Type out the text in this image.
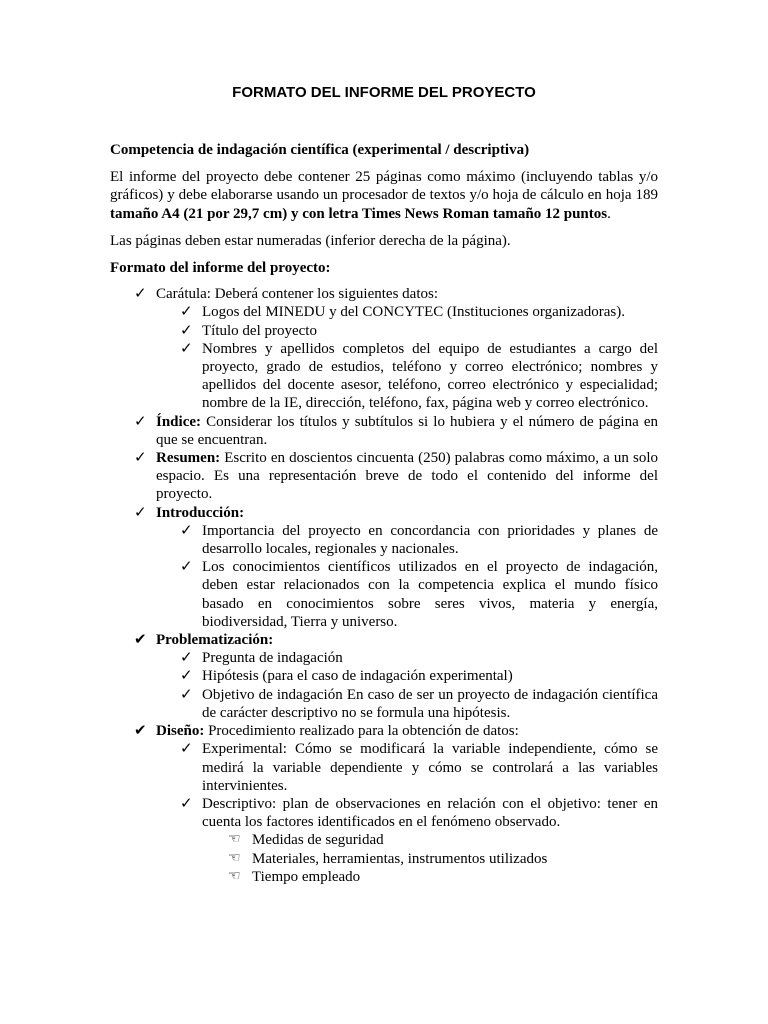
FORMATO DEL INFORME DEL PROYECTO

Competencia de indagación científica (experimental / descriptiva)

El informe del proyecto debe contener 25 páginas como máximo (incluyendo tablas y/o gráficos) y debe elaborarse usando un procesador de textos y/o hoja de cálculo en hoja 189 tamaño A4 (21 por 29,7 cm) y con letra Times News Roman tamaño 12 puntos.

Las páginas deben estar numeradas (inferior derecha de la página).

Formato del informe del proyecto:

✓ Carátula: Deberá contener los siguientes datos:
✓ Logos del MINEDU y del CONCYTEC (Instituciones organizadoras).
✓ Título del proyecto
✓ Nombres y apellidos completos del equipo de estudiantes a cargo del proyecto, grado de estudios, teléfono y correo electrónico; nombres y apellidos del docente asesor, teléfono, correo electrónico y especialidad; nombre de la IE, dirección, teléfono, fax, página web y correo electrónico.
✓ Índice: Considerar los títulos y subtítulos si lo hubiera y el número de página en que se encuentran.
✓ Resumen: Escrito en doscientos cincuenta (250) palabras como máximo, a un solo espacio. Es una representación breve de todo el contenido del informe del proyecto.
✓ Introducción:
✓ Importancia del proyecto en concordancia con prioridades y planes de desarrollo locales, regionales y nacionales.
✓ Los conocimientos científicos utilizados en el proyecto de indagación, deben estar relacionados con la competencia explica el mundo físico basado en conocimientos sobre seres vivos, materia y energía, biodiversidad, Tierra y universo.
✔ Problematización:
✓ Pregunta de indagación
✓ Hipótesis (para el caso de indagación experimental)
✓ Objetivo de indagación En caso de ser un proyecto de indagación científica de carácter descriptivo no se formula una hipótesis.
✔ Diseño: Procedimiento realizado para la obtención de datos:
✓ Experimental: Cómo se modificará la variable independiente, cómo se medirá la variable dependiente y cómo se controlará a las variables intervinientes.
✓ Descriptivo: plan de observaciones en relación con el objetivo: tener en cuenta los factores identificados en el fenómeno observado.
☜ Medidas de seguridad
☜ Materiales, herramientas, instrumentos utilizados
☜ Tiempo empleado
